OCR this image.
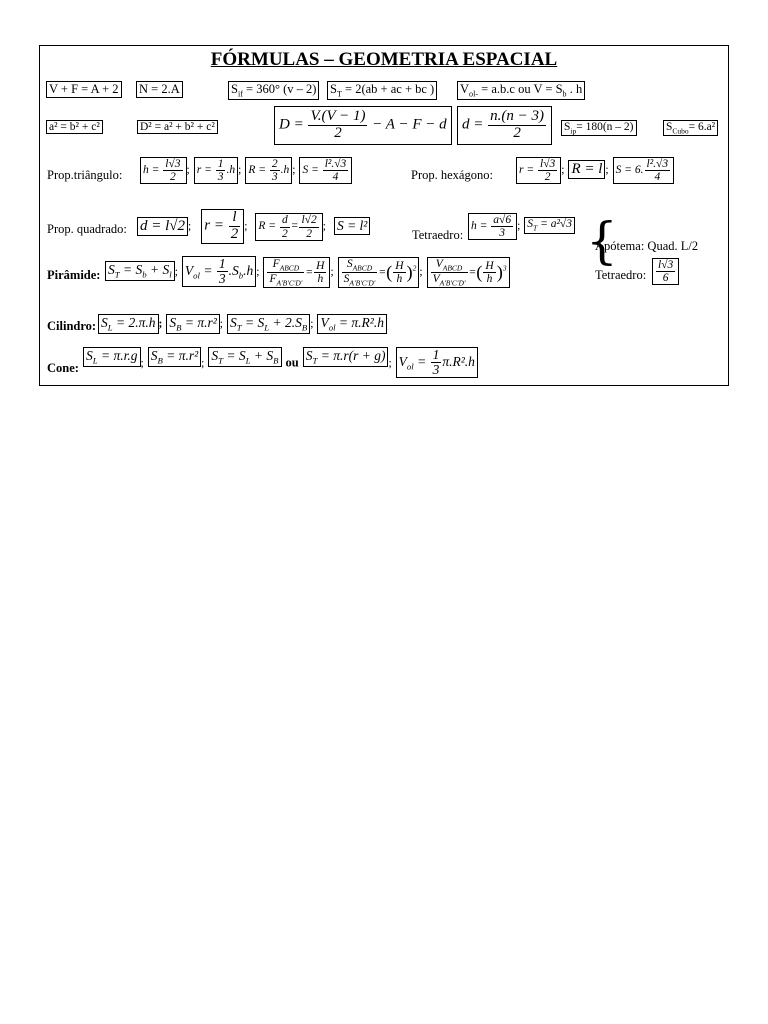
FÓRMULAS – GEOMETRIA ESPACIAL
V + F = A + 2 N = 2.A	$S_{if} = 360^\circ$ (v – 2) $S_T = 2(ab$ + ac + bc ) $V_{ol-} = a.b.c$ ou $V = S_b$ . h
a² = b² + c²	D² = a² + b² + c²	$D = \frac{V.(V - 1)}{2} - A - F - d$	$d = \frac{n.(n - 3)}{2} S_{ip}= 180(n - 2)$	$S_{Cubo}= 6.a^2$
Prop.triângulo: $h = \frac{l√3}{2}$ ; $r = \frac{1}{3} .h$ ; $R = \frac{2}{3} .h$ ; $S = \frac{\text{l².√3}}{4}$	Prop. hexágono: $r = \frac{l√3}{2}$ ; R = l ; S = 6. $\frac{\text{l².√3}}{4}$
Prop. quadrado: d = l√2 ; $r = \frac{l}{2}$ ; $R = \frac{d}{2} = \frac{l√2}{2}$ ; S = l²
Tetraedro:
$h = \frac{a√6}{3}$ ; $S_T = a^2√3$ {
Apótema: Quad. L/2
Tetraedro: $\frac{l√3}{6}$
Pirâmide: $S_T = S_b + S_l$ ; $V_{ol} = \frac{1}{3} .S_b.h$ ; $\frac{F_{ABCD}}{F_{A'B'C'D'}} = \frac{H}{h}$ ; $\frac{S_{ABCD}}{S_{A'B'C'D'}}$ =( $\frac{H}{h} )^2$ ; $\frac{V_{ABCD}}{V_{A'B'C'D'}}$ =( $\frac{H}{h} )^3$
Cilindro: $S_L = 2.\pi.h$ ; $S_B = \pi.r^2$ ; $S_T = S_L + 2.S_B$ ; $V_{ol} = \pi.R^2.h$
Cone:
$S_L = \pi.r.g$; $S_B = \pi.r^2$; $S_T = S_L + S_B$ ou $S_T = \pi.r(r + g)$; $V_{ol} = \frac{1}{3} \pi.R^2.h$
